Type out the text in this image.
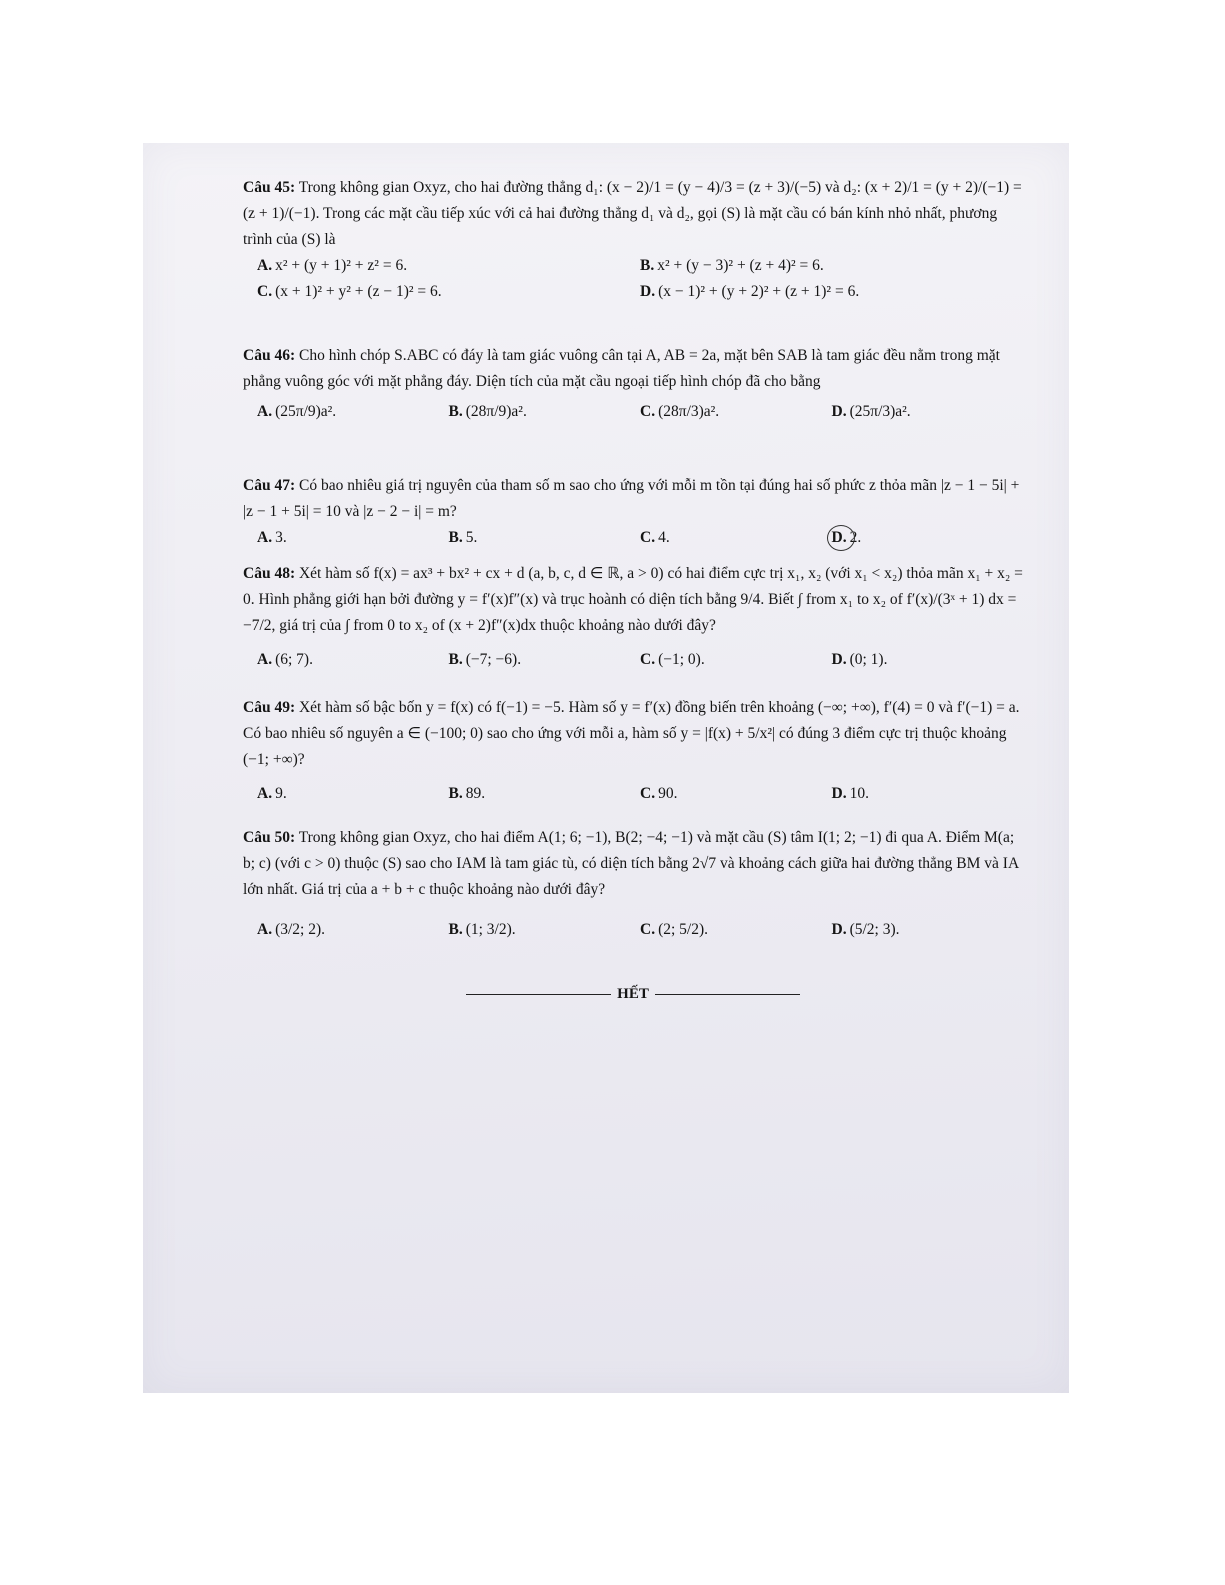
Câu 45: Trong không gian Oxyz, cho hai đường thẳng d₁: (x − 2)/1 = (y − 4)/3 = (z + 3)/(−5) và d₂: (x + 2)/1 = (y + 2)/(−1) = (z + 1)/(−1). Trong các mặt cầu tiếp xúc với cả hai đường thẳng d₁ và d₂, gọi (S) là mặt cầu có bán kính nhỏ nhất, phương trình của (S) là
A. x² + (y + 1)² + z² = 6.	B. x² + (y − 3)² + (z + 4)² = 6.
C. (x + 1)² + y² + (z − 1)² = 6.	D. (x − 1)² + (y + 2)² + (z + 1)² = 6.
Câu 46: Cho hình chóp S.ABC có đáy là tam giác vuông cân tại A, AB = 2a, mặt bên SAB là tam giác đều nằm trong mặt phẳng vuông góc với mặt phẳng đáy. Diện tích của mặt cầu ngoại tiếp hình chóp đã cho bằng
A. (25π/9)a².	B. (28π/9)a².	C. (28π/3)a².	D. (25π/3)a².
Câu 47: Có bao nhiêu giá trị nguyên của tham số m sao cho ứng với mỗi m tồn tại đúng hai số phức z thỏa mãn |z − 1 − 5i| + |z − 1 + 5i| = 10 và |z − 2 − i| = m?
A. 3.	B. 5.	C. 4.	D. 2.
Câu 48: Xét hàm số f(x) = ax³ + bx² + cx + d (a, b, c, d ∈ ℝ, a > 0) có hai điểm cực trị x₁, x₂ (với x₁ < x₂) thỏa mãn x₁ + x₂ = 0. Hình phẳng giới hạn bởi đường y = f′(x)f″(x) và trục hoành có diện tích bằng 9/4. Biết ∫ from x₁ to x₂ of f′(x)/(3ˣ + 1) dx = −7/2, giá trị của ∫ from 0 to x₂ of (x + 2)f″(x)dx thuộc khoảng nào dưới đây?
A. (6; 7).	B. (−7; −6).	C. (−1; 0).	D. (0; 1).
Câu 49: Xét hàm số bậc bốn y = f(x) có f(−1) = −5. Hàm số y = f′(x) đồng biến trên khoảng (−∞; +∞), f′(4) = 0 và f′(−1) = a. Có bao nhiêu số nguyên a ∈ (−100; 0) sao cho ứng với mỗi a, hàm số y = |f(x) + 5/x²| có đúng 3 điểm cực trị thuộc khoảng (−1; +∞)?
A. 9.	B. 89.	C. 90.	D. 10.
Câu 50: Trong không gian Oxyz, cho hai điểm A(1; 6; −1), B(2; −4; −1) và mặt cầu (S) tâm I(1; 2; −1) đi qua A. Điểm M(a; b; c) (với c > 0) thuộc (S) sao cho IAM là tam giác tù, có diện tích bằng 2√7 và khoảng cách giữa hai đường thẳng BM và IA lớn nhất. Giá trị của a + b + c thuộc khoảng nào dưới đây?
A. (3/2; 2).	B. (1; 3/2).	C. (2; 5/2).	D. (5/2; 3).
HẾT
